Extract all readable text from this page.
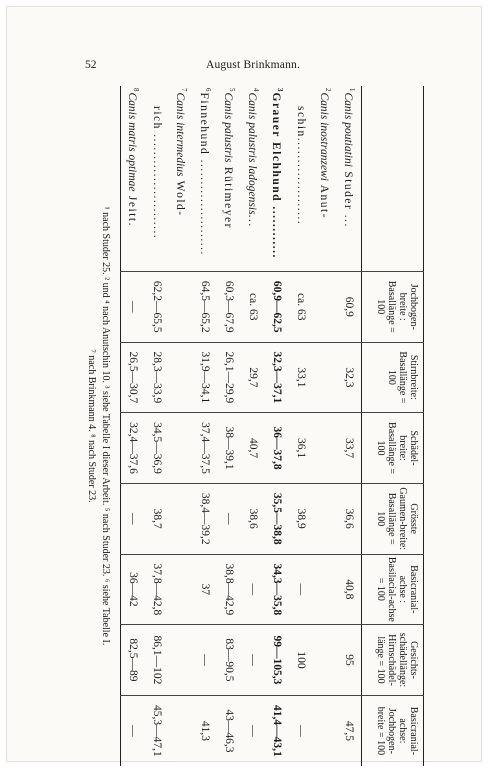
52	August Brinkmann.

	Jochbogen-
breite :
Basallänge = 100	Stirnbreite:
Basallänge = 100	Schädel-
breite:
Basallänge = 100	Grösste
Gaumen-breite:
Basallänge = 100	Basicranial-
achse :
Basilacial-achse = 100	Gesichts-
schädellänge:
Hirnschädel-länge = 100	Basicranial-
achse:
Jochbogen-breite = 100

$^1$Canis poutiatini Studer ...	60,9	32,3	33,7	36,6	40,8	95	47,5
$^2$Canis inostranzewi Anut-							
schin....................	ca. 63	33,1	36,1	38,9	—	100	—
$^3$Grauer Elchhund ............	60,9—62,5	32,3—37,1	36—37,8	35,5—38,8	34,3—35,8	99—105,3	41,4—43,1
$^4$Canis palustris ladogensis...	ca. 63	29,7	40,7	38,6	—	—	—
$^5$Canis palustris Rütimeyer	60,3—67,9	26,1—29,9	38—39,1	—	38,8—42,9	83—90,5	43—46,3
$^6$Finnehund ......................	64,5—65,2	31,9—34,1	37,4—37,5	38,4—39,2	37	—	41,3
$^7$Canis intermedius Wold-							
rich ........................	62,2—65,5	28,3—33,9	34,5—36,9	38,7	37,8—42,8	86,1—102	45,3—47,1
$^8$Canis matris optimae Jeitt.	—	26,5—30,7	32,4—37,6	—	36—42	82,5—89	—
¹ nach Studer 25. ² und ⁴ nach Anutschin 10. ³ siehe Tabelle I dieser Arbeit. ⁵ nach Studer 23. ⁶ siehe Tabelle I.
⁷ nach Brinkmann 4. ⁸ nach Studer 23.
